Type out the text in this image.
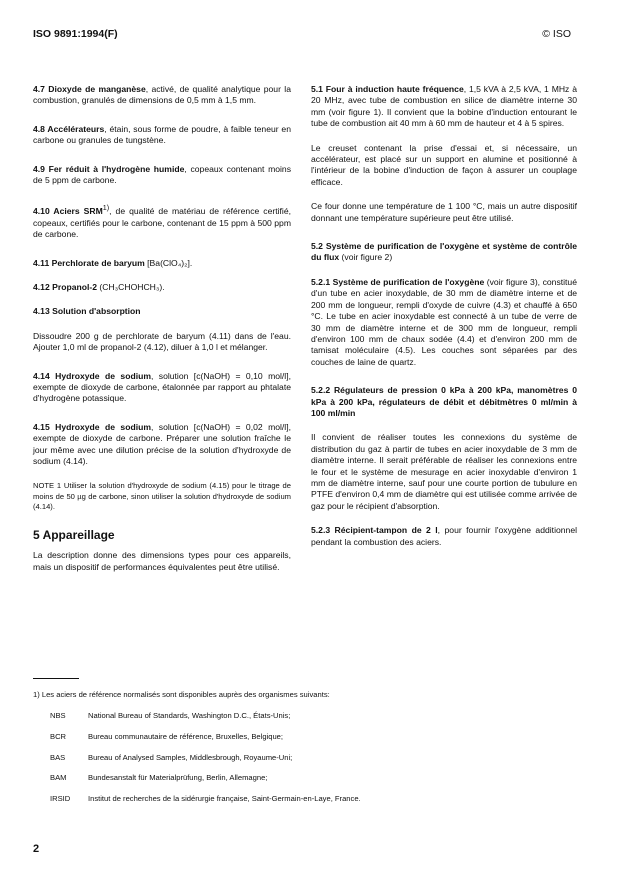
ISO 9891:1994(F)	© ISO

4.7 Dioxyde de manganèse, activé, de qualité analytique pour la combustion, granulés de dimensions de 0,5 mm à 1,5 mm.

4.8 Accélérateurs, étain, sous forme de poudre, à faible teneur en carbone ou granules de tungstène.

4.9 Fer réduit à l'hydrogène humide, copeaux contenant moins de 5 ppm de carbone.

4.10 Aciers SRM$^{1)}$, de qualité de matériau de référence certifié, copeaux, certifiés pour le carbone, contenant de 15 ppm à 500 ppm de carbone.

4.11 Perchlorate de baryum [Ba(ClO₄)₂].

4.12 Propanol-2 (CH₃CHOHCH₃).

4.13 Solution d'absorption

Dissoudre 200 g de perchlorate de baryum (4.11) dans de l'eau. Ajouter 1,0 ml de propanol-2 (4.12), diluer à 1,0 l et mélanger.

4.14 Hydroxyde de sodium, solution [c(NaOH) = 0,10 mol/l], exempte de dioxyde de carbone, étalonnée par rapport au phtalate d'hydrogène potassique.

4.15 Hydroxyde de sodium, solution [c(NaOH) = 0,02 mol/l], exempte de dioxyde de carbone. Préparer une solution fraîche le jour même avec une dilution précise de la solution d'hydroxyde de sodium (4.14).

NOTE 1 Utiliser la solution d'hydroxyde de sodium (4.15) pour le titrage de moins de 50 µg de carbone, sinon utiliser la solution d'hydroxyde de sodium (4.14).

5 Appareillage

La description donne des dimensions types pour ces appareils, mais un dispositif de performances équivalentes peut être utilisé.

5.1 Four à induction haute fréquence, 1,5 kVA à 2,5 kVA, 1 MHz à 20 MHz, avec tube de combustion en silice de diamètre interne 30 mm (voir figure 1). Il convient que la bobine d'induction entourant le tube de combustion ait 40 mm à 60 mm de hauteur et 4 à 5 spires.

Le creuset contenant la prise d'essai et, si nécessaire, un accélérateur, est placé sur un support en alumine et positionné à l'intérieur de la bobine d'induction de façon à assurer un couplage efficace.

Ce four donne une température de 1 100 °C, mais un autre dispositif donnant une température supérieure peut être utilisé.

5.2 Système de purification de l'oxygène et système de contrôle du flux (voir figure 2)

5.2.1 Système de purification de l'oxygène (voir figure 3), constitué d'un tube en acier inoxydable, de 30 mm de diamètre interne et de 200 mm de longueur, rempli d'oxyde de cuivre (4.3) et chauffé à 650 °C. Le tube en acier inoxydable est connecté à un tube de verre de 30 mm de diamètre interne et de 300 mm de longueur, rempli d'environ 100 mm de chaux sodée (4.4) et d'environ 200 mm de tamisat moléculaire (4.5). Les couches sont séparées par des couches de laine de quartz.

5.2.2 Régulateurs de pression 0 kPa à 200 kPa, manomètres 0 kPa à 200 kPa, régulateurs de débit et débitmètres 0 ml/min à 100 ml/min

Il convient de réaliser toutes les connexions du système de distribution du gaz à partir de tubes en acier inoxydable de 3 mm de diamètre interne. Il serait préférable de réaliser les connexions entre le four et le système de mesurage en acier inoxydable d'environ 1 mm de diamètre interne, sauf pour une courte portion de tubulure en PTFE d'environ 0,4 mm de diamètre qui est utilisée comme arrivée de gaz pour le récipient d'absorption.

5.2.3 Récipient-tampon de 2 l, pour fournir l'oxygène additionnel pendant la combustion des aciers.

1) Les aciers de référence normalisés sont disponibles auprès des organismes suivants:
NBS	National Bureau of Standards, Washington D.C., États-Unis;
BCR	Bureau communautaire de référence, Bruxelles, Belgique;
BAS	Bureau of Analysed Samples, Middlesbrough, Royaume-Uni;
BAM	Bundesanstalt für Materialprüfung, Berlin, Allemagne;
IRSID	Institut de recherches de la sidérurgie française, Saint-Germain-en-Laye, France.
2
